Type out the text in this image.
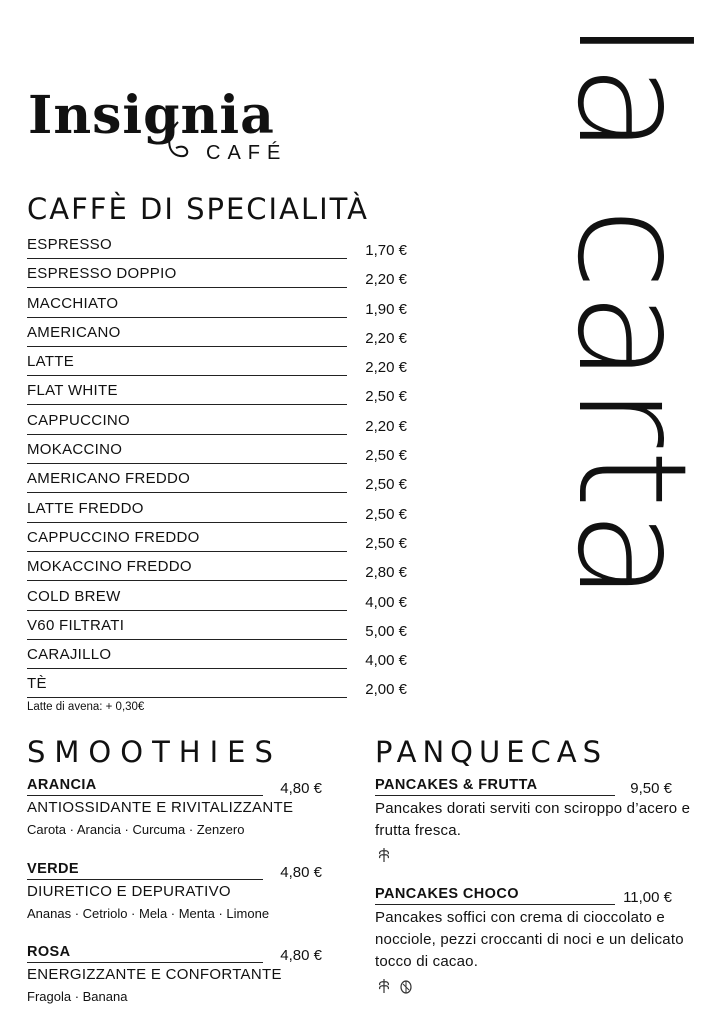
Insignia
CAFÉ la carta
CAFFÈ DI SPECIALITÀ
ESPRESSO	1,70 €
ESPRESSO DOPPIO	2,20 €
MACCHIATO	1,90 €
AMERICANO	2,20 €
LATTE	2,20 €
FLAT WHITE	2,50 €
CAPPUCCINO	2,20 €
MOKACCINO	2,50 €
AMERICANO FREDDO	2,50 €
LATTE FREDDO	2,50 €
CAPPUCCINO FREDDO	2,50 €
MOKACCINO FREDDO	2,80 €
COLD BREW	4,00 €
V60 FILTRATI	5,00 €
CARAJILLO	4,00 €
TÈ	2,00 €
Latte di avena: + 0,30€
SMOOTHIES
ARANCIA	4,80 €
ANTIOSSIDANTE E RIVITALIZZANTE
Carota · Arancia · Curcuma · Zenzero
VERDE	4,80 €
DIURETICO E DEPURATIVO
Ananas · Cetriolo · Mela · Menta · Limone
ROSA	4,80 €
ENERGIZZANTE E CONFORTANTE
Fragola · Banana
PANQUECAS
PANCAKES & FRUTTA	9,50 €
Pancakes dorati serviti con sciroppo d’acero e frutta fresca.
PANCAKES CHOCO	11,00 €
Pancakes soffici con crema di cioccolato e nocciole, pezzi croccanti di noci e un delicato tocco di cacao.
